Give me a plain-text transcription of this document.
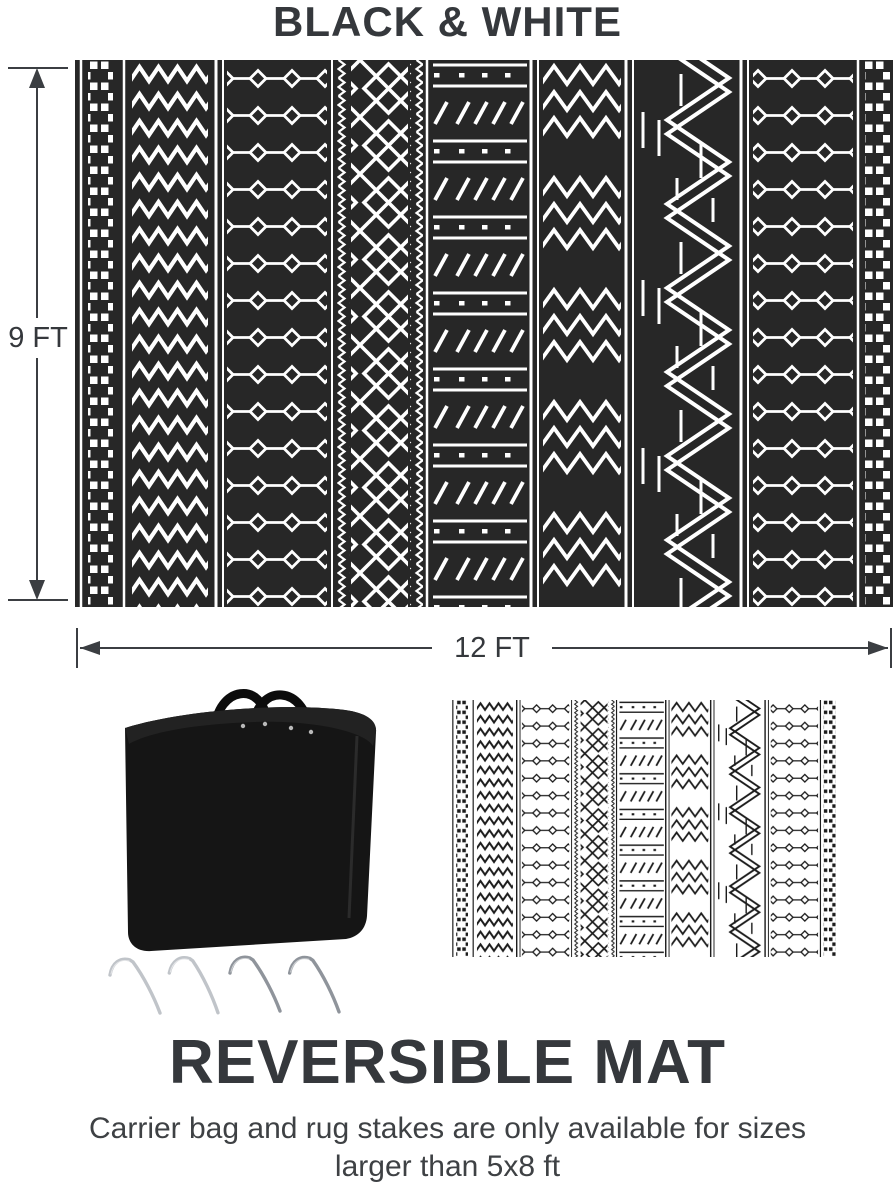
BLACK & WHITE
9 FT
12 FT
REVERSIBLE MAT
Carrier bag and rug stakes are only available for sizes
larger than 5x8 ft
